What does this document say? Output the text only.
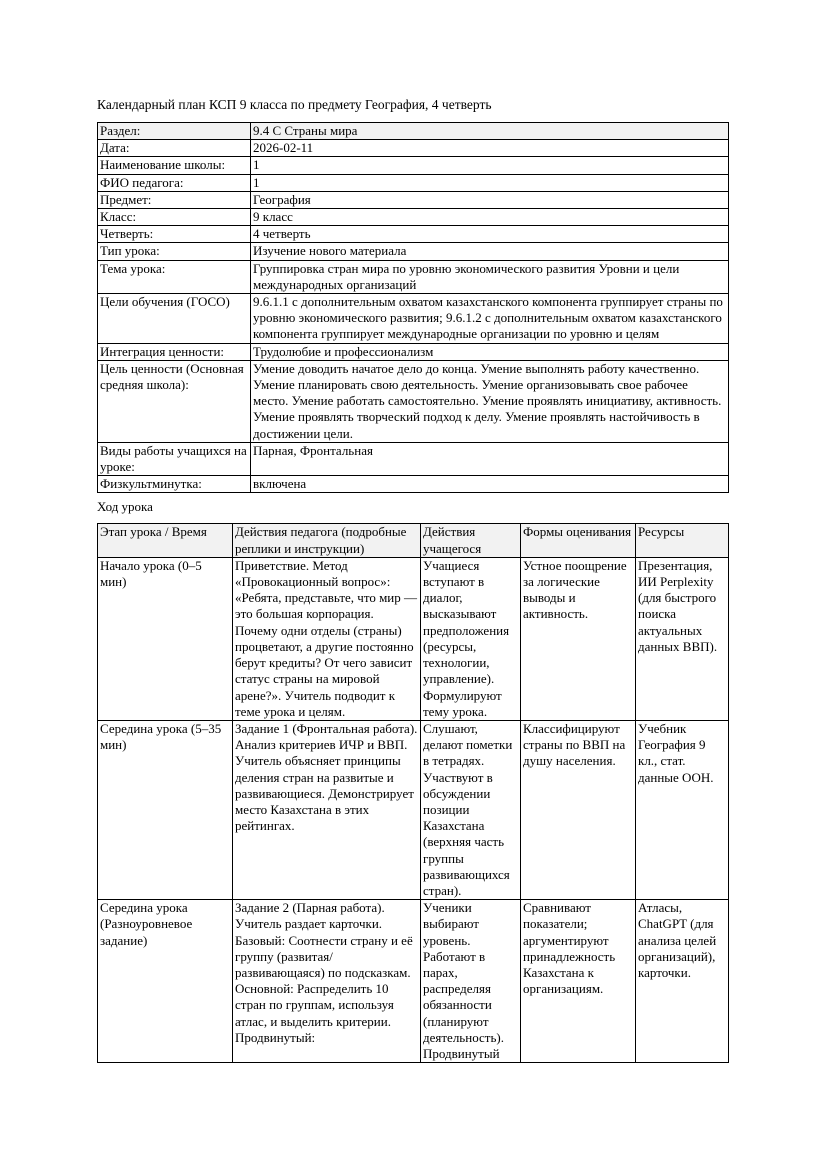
Календарный план КСП 9 класса по предмету География, 4 четверть
Раздел:	9.4 С Страны мира
Дата:	2026-02-11
Наименование школы:	1
ФИО педагога:	1
Предмет:	География
Класс:	9 класс
Четверть:	4 четверть
Тип урока:	Изучение нового материала
Тема урока:	Группировка стран мира по уровню экономического развития Уровни и цели международных организаций
Цели обучения (ГОСО)	9.6.1.1 с дополнительным охватом казахстанского компонента группирует страны по уровню экономического развития; 9.6.1.2 с дополнительным охватом казахстанского компонента группирует международные организации по уровню и целям
Интеграция ценности:	Трудолюбие и профессионализм
Цель ценности (Основная средняя школа):	Умение доводить начатое дело до конца. Умение выполнять работу качественно. Умение планировать свою деятельность. Умение организовывать свое рабочее место. Умение работать самостоятельно. Умение проявлять инициативу, активность. Умение проявлять творческий подход к делу. Умение проявлять настойчивость в достижении цели.
Виды работы учащихся на уроке:	Парная, Фронтальная
Физкультминутка:	включена
Ход урока
Этап урока / Время	Действия педагога (подробные реплики и инструкции)	Действия учащегося	Формы оценивания	Ресурсы
Начало урока (0–5 мин)	Приветствие. Метод «Провокационный вопрос»: «Ребята, представьте, что мир — это большая корпорация. Почему одни отделы (страны) процветают, а другие постоянно берут кредиты? От чего зависит статус страны на мировой арене?». Учитель подводит к теме урока и целям.	Учащиеся вступают в диалог, высказывают предположения (ресурсы, технологии, управление). Формулируют тему урока.	Устное поощрение за логические выводы и активность.	Презентация, ИИ Perplexity (для быстрого поиска актуальных данных ВВП).
Середина урока (5–35 мин)	Задание 1 (Фронтальная работа). Анализ критериев ИЧР и ВВП. Учитель объясняет принципы деления стран на развитые и развивающиеся. Демонстрирует место Казахстана в этих рейтингах.	Слушают, делают пометки в тетрадях. Участвуют в обсуждении позиции Казахстана (верхняя часть группы развивающихся стран).	Классифицируют страны по ВВП на душу населения.	Учебник География 9 кл., стат. данные ООН.
Середина урока (Разноуровневое задание)	Задание 2 (Парная работа). Учитель раздает карточки. Базовый: Соотнести страну и её группу (развитая/развивающаяся) по подсказкам. Основной: Распределить 10 стран по группам, используя атлас, и выделить критерии. Продвинутый:	Ученики выбирают уровень. Работают в парах, распределяя обязанности (планируют деятельность). Продвинутый	Сравнивают показатели; аргументируют принадлежность Казахстана к организациям.	Атласы, ChatGPT (для анализа целей организаций), карточки.
